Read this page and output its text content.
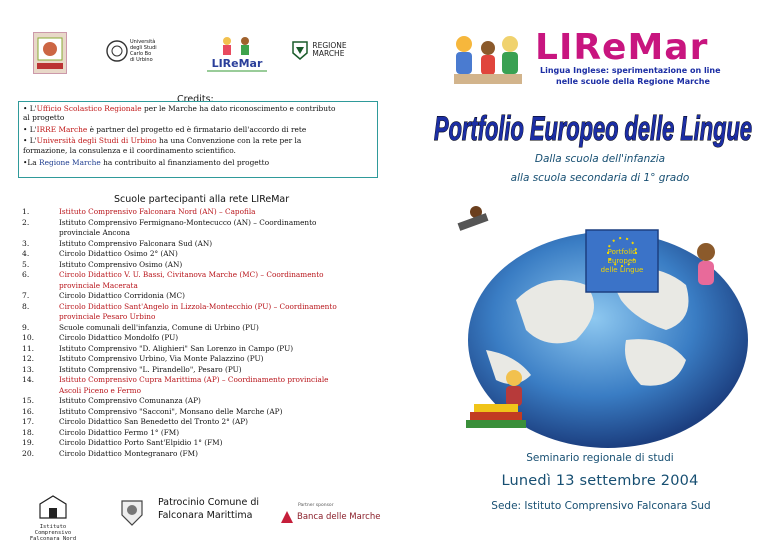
Università
degli Studi
Carlo Bo
di Urbino	LIReMar
REGIONE
MARCHE
Credits:
• L'Ufficio Scolastico Regionale per le Marche ha dato riconoscimento e contributo
al progetto
• L'IRRE Marche è partner del progetto ed è firmatario dell'accordo di rete
• L'Università degli Studi di Urbino ha una Convenzione con la rete per la
formazione, la consulenza e il coordinamento scientifico.
•La Regione Marche ha contribuito al finanziamento del progetto
Scuole partecipanti alla rete LIReMar
1.	Istituto Comprensivo Falconara Nord (AN) – Capofila
2.	Istituto Comprensivo Fermignano-Montecucco (AN) – Coordinamento
provinciale Ancona
3.	Istituto Comprensivo Falconara Sud (AN)
4.	Circolo Didattico Osimo 2° (AN)
5.	Istituto Comprensivo Osimo (AN)
6.	Circolo Didattico V. U. Bassi, Civitanova Marche (MC) – Coordinamento
provinciale Macerata
7.	Circolo Didattico Corridonia (MC)
8.	Circolo Didattico Sant'Angelo in Lizzola-Montecchio (PU) – Coordinamento
provinciale Pesaro Urbino
9.	Scuole comunali dell'infanzia, Comune di Urbino (PU)
10.	Circolo Didattico Mondolfo (PU)
11.	Istituto Comprensivo "D. Alighieri" San Lorenzo in Campo (PU)
12.	Istituto Comprensivo Urbino, Via Monte Palazzino (PU)
13.	Istituto Comprensivo "L. Pirandello", Pesaro (PU)
14.	Istituto Comprensivo Cupra Marittima (AP) – Coordinamento provinciale
Ascoli Piceno e Fermo
15.	Istituto Comprensivo Comunanza (AP)
16.	Istituto Comprensivo "Sacconi", Monsano delle Marche (AP)
17.	Circolo Didattico San Benedetto del Tronto 2° (AP)
18.	Circolo Didattico Fermo 1° (FM)
19.	Circolo Didattico Porto Sant'Elpidio 1° (FM)
20.	Circolo Didattico Montegranaro (FM)
Istituto Comprensivo
Falconara Nord
Patrocinio Comune di
Falconara Marittima
Partner sponsor
Banca delle Marche
LIReMar
Lingua Inglese: sperimentazione on line
nelle scuole della Regione Marche
Portfolio Europeo delle Lingue
Dalla scuola dell'infanzia
alla scuola secondaria di 1° grado
Portfolio
Europeo
delle Lingue
Seminario regionale di studi
Lunedì 13 settembre 2004
Sede: Istituto Comprensivo Falconara Sud
